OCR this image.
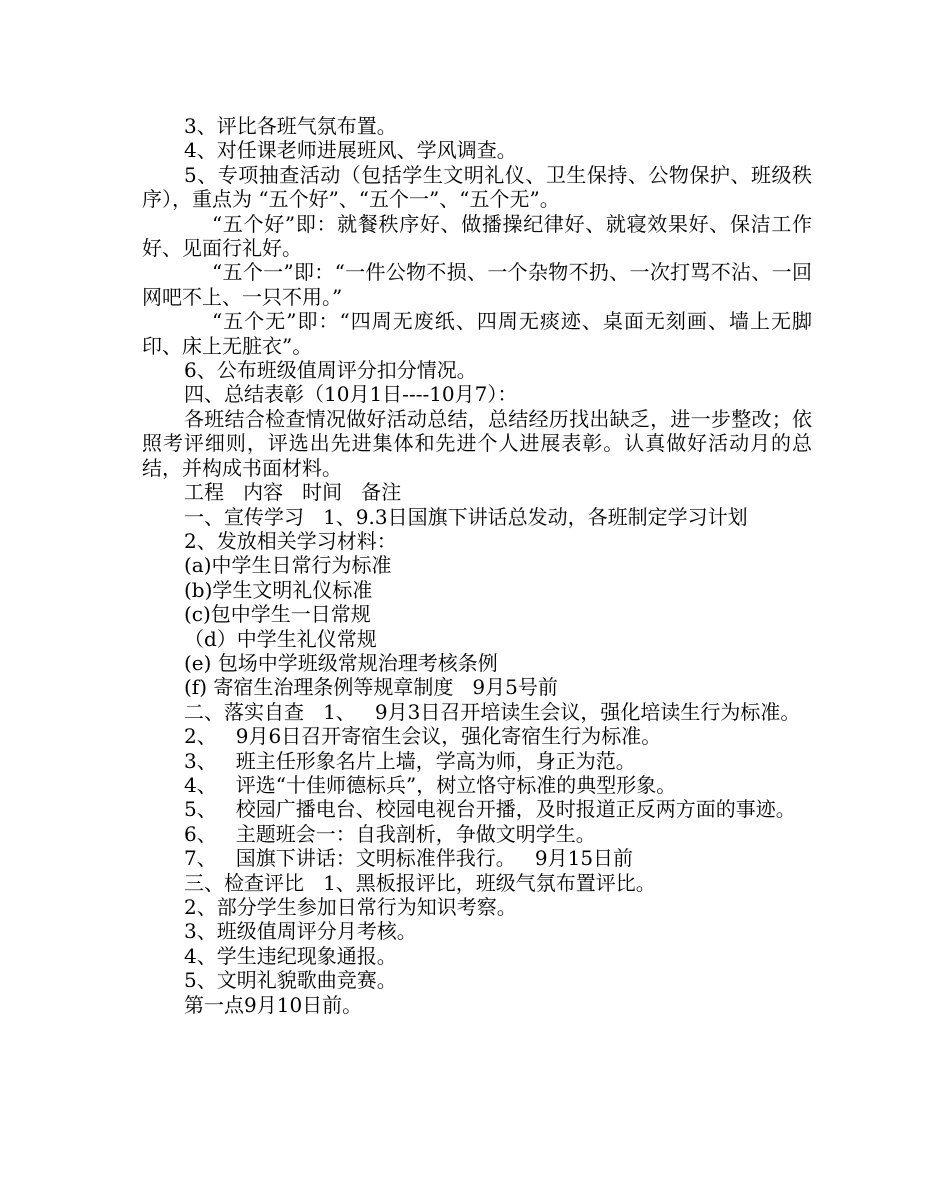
3、评比各班气氛布置。

4、对任课老师进展班风、学风调查。

5、专项抽查活动（包括学生文明礼仪、卫生保持、公物保护、班级秩序），重点为 “五个好”、“五个一”、“五个无”。

“五个好”即：就餐秩序好、做播操纪律好、就寝效果好、保洁工作好、见面行礼好。

“五个一”即：“一件公物不损、一个杂物不扔、一次打骂不沾、一回网吧不上、一只不用。”

“五个无”即：“四周无废纸、四周无痰迹、桌面无刻画、墙上无脚印、床上无脏衣”。

6、公布班级值周评分扣分情况。

四、总结表彰（10月1日----10月7）：

各班结合检查情况做好活动总结，总结经历找出缺乏，进一步整改；依照考评细则，评选出先进集体和先进个人进展表彰。认真做好活动月的总结，并构成书面材料。

工程   内容   时间   备注

一、宣传学习   1、9.3日国旗下讲话总发动，各班制定学习计划

2、发放相关学习材料：

(a)中学生日常行为标准

(b)学生文明礼仪标准

(c)包中学生一日常规

（d）中学生礼仪常规

(e) 包场中学班级常规治理考核条例

(f) 寄宿生治理条例等规章制度   9月5号前

二、落实自查   1、   9月3日召开培读生会议，强化培读生行为标准。

2、   9月6日召开寄宿生会议，强化寄宿生行为标准。

3、   班主任形象名片上墙，学高为师，身正为范。

4、   评选“十佳师德标兵”，树立恪守标准的典型形象。

5、   校园广播电台、校园电视台开播，及时报道正反两方面的事迹。

6、   主题班会一：自我剖析，争做文明学生。

7、   国旗下讲话：文明标准伴我行。   9月15日前

三、检查评比   1、黑板报评比，班级气氛布置评比。

2、部分学生参加日常行为知识考察。

3、班级值周评分月考核。

4、学生违纪现象通报。

5、文明礼貌歌曲竞赛。

第一点9月10日前。
